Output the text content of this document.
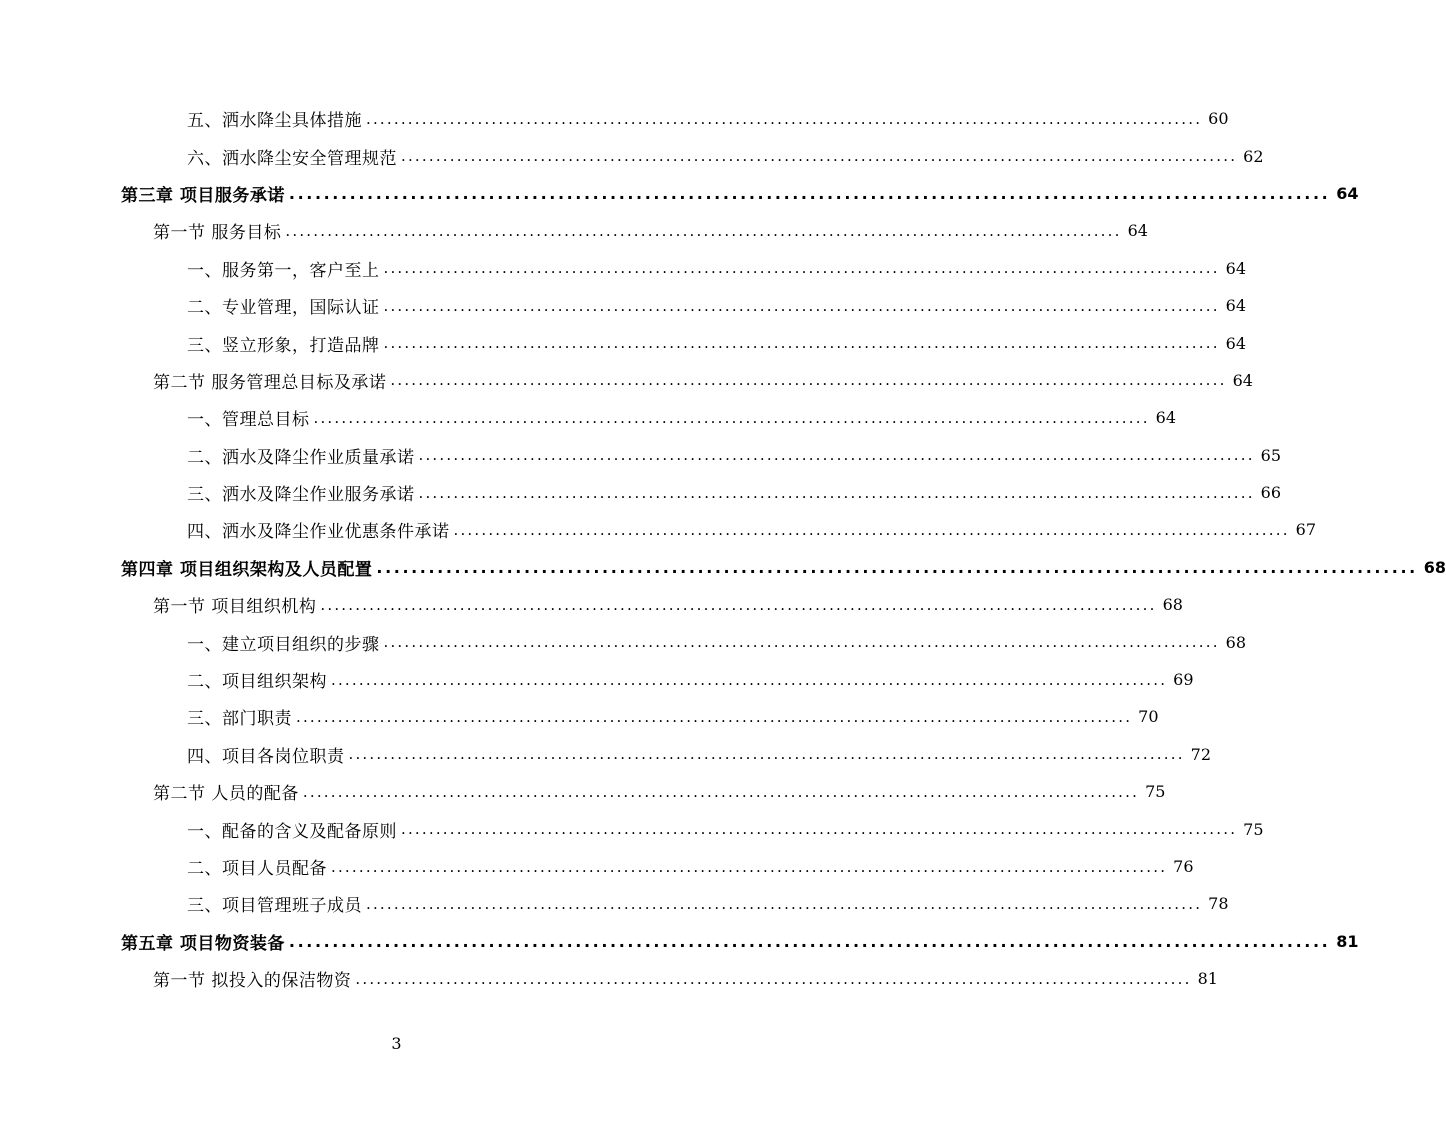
五、洒水降尘具体措施 ........................................................................................................................ 60
六、洒水降尘安全管理规范 ........................................................................................................................ 62
第三章 项目服务承诺 ........................................................................................................................ 64
第一节 服务目标 ........................................................................................................................ 64
一、服务第一，客户至上 ........................................................................................................................ 64
二、专业管理，国际认证 ........................................................................................................................ 64
三、竖立形象，打造品牌 ........................................................................................................................ 64
第二节 服务管理总目标及承诺 ........................................................................................................................ 64
一、管理总目标 ........................................................................................................................ 64
二、洒水及降尘作业质量承诺 ........................................................................................................................ 65
三、洒水及降尘作业服务承诺 ........................................................................................................................ 66
四、洒水及降尘作业优惠条件承诺 ........................................................................................................................ 67
第四章 项目组织架构及人员配置 ........................................................................................................................ 68
第一节 项目组织机构 ........................................................................................................................ 68
一、建立项目组织的步骤 ........................................................................................................................ 68
二、项目组织架构 ........................................................................................................................ 69
三、部门职责 ........................................................................................................................ 70
四、项目各岗位职责 ........................................................................................................................ 72
第二节 人员的配备 ........................................................................................................................ 75
一、配备的含义及配备原则 ........................................................................................................................ 75
二、项目人员配备 ........................................................................................................................ 76
三、项目管理班子成员 ........................................................................................................................ 78
第五章 项目物资装备 ........................................................................................................................ 81
第一节 拟投入的保洁物资 ........................................................................................................................ 81
3
